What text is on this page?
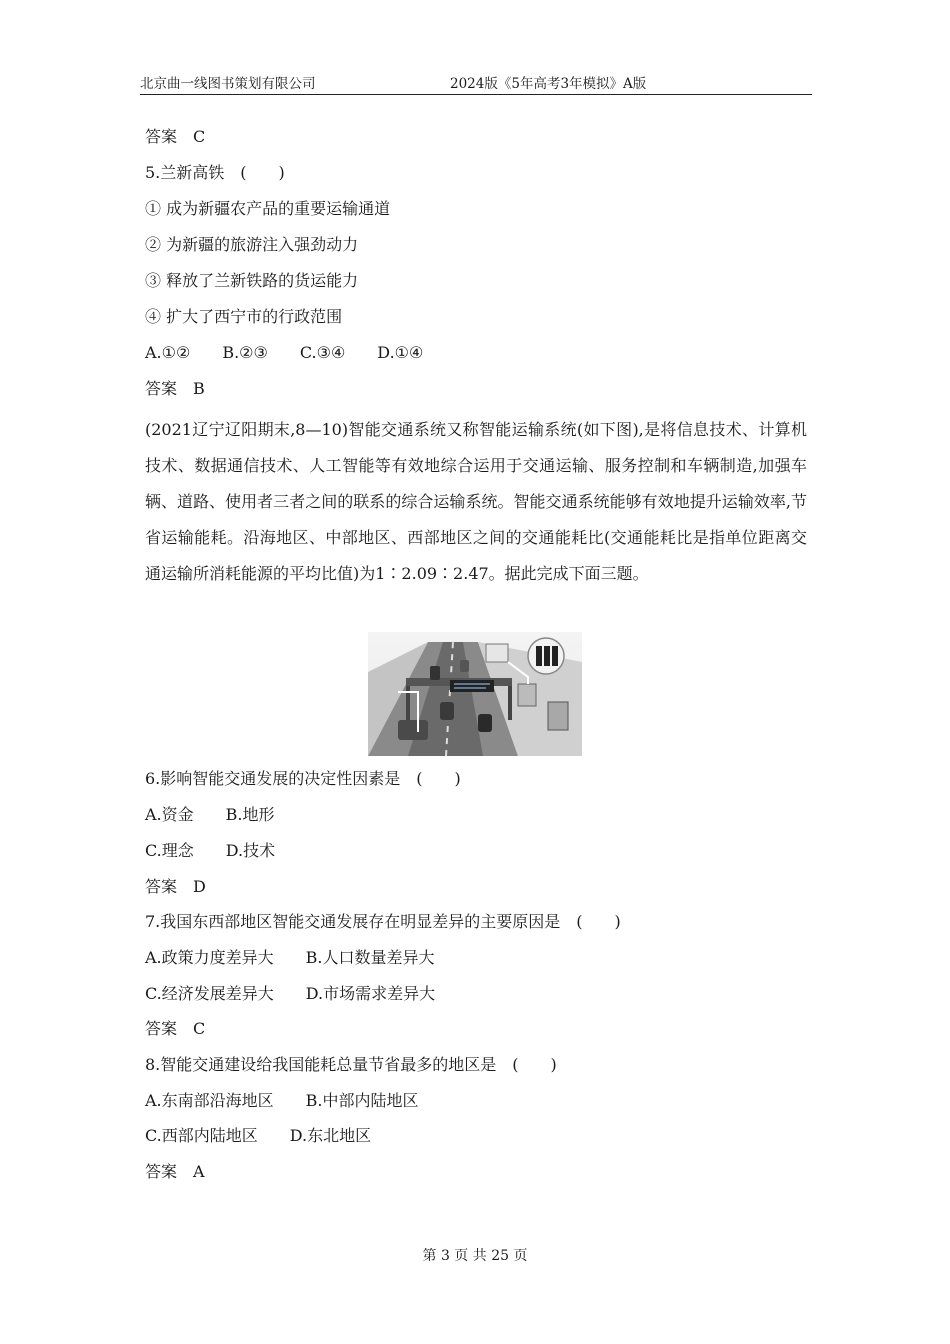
北京曲一线图书策划有限公司	2024版《5年高考3年模拟》A版
答案　C
5.兰新高铁　(　　)
① 成为新疆农产品的重要运输通道
② 为新疆的旅游注入强劲动力
③ 释放了兰新铁路的货运能力
④ 扩大了西宁市的行政范围
A.①②　　B.②③　　C.③④　　D.①④
答案　B
(2021辽宁辽阳期末,8—10)智能交通系统又称智能运输系统(如下图),是将信息技术、计算机技术、数据通信技术、人工智能等有效地综合运用于交通运输、服务控制和车辆制造,加强车辆、道路、使用者三者之间的联系的综合运输系统。智能交通系统能够有效地提升运输效率,节省运输能耗。沿海地区、中部地区、西部地区之间的交通能耗比(交通能耗比是指单位距离交通运输所消耗能源的平均比值)为1∶2.09∶2.47。据此完成下面三题。
6.影响智能交通发展的决定性因素是　(　　)
A.资金　　B.地形
C.理念　　D.技术
答案　D
7.我国东西部地区智能交通发展存在明显差异的主要原因是　(　　)
A.政策力度差异大　　B.人口数量差异大
C.经济发展差异大　　D.市场需求差异大
答案　C
8.智能交通建设给我国能耗总量节省最多的地区是　(　　)
A.东南部沿海地区　　B.中部内陆地区
C.西部内陆地区　　D.东北地区
答案　A
第 3 页 共 25 页
